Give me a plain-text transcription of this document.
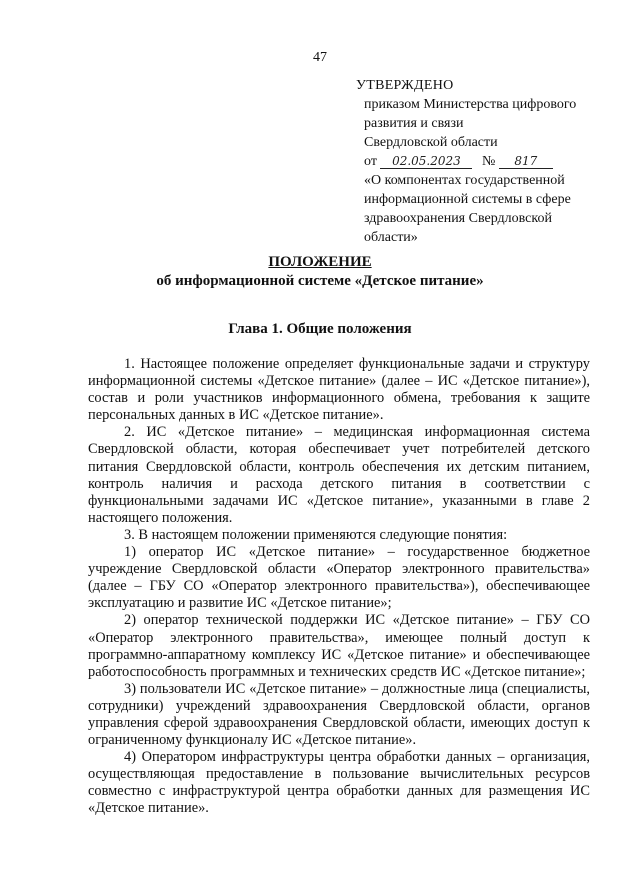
47
УТВЕРЖДЕНО
приказом Министерства цифрового
развития и связи
Свердловской области
от 02.05.2023 № 817
«О компонентах государственной
информационной системы в сфере
здравоохранения Свердловской
области»
ПОЛОЖЕНИЕ
об информационной системе «Детское питание»
Глава 1. Общие положения

1. Настоящее положение определяет функциональные задачи и структуру информационной системы «Детское питание» (далее – ИС «Детское питание»), состав и роли участников информационного обмена, требования к защите персональных данных в ИС «Детское питание».

2. ИС «Детское питание» – медицинская информационная система Свердловской области, которая обеспечивает учет потребителей детского питания Свердловской области, контроль обеспечения их детским питанием, контроль наличия и расхода детского питания в соответствии с функциональными задачами ИС «Детское питание», указанными в главе 2 настоящего положения.

3. В настоящем положении применяются следующие понятия:

1) оператор ИС «Детское питание» – государственное бюджетное учреждение Свердловской области «Оператор электронного правительства» (далее – ГБУ СО «Оператор электронного правительства»), обеспечивающее эксплуатацию и развитие ИС «Детское питание»;

2) оператор технической поддержки ИС «Детское питание» – ГБУ СО «Оператор электронного правительства», имеющее полный доступ к программно-аппаратному комплексу ИС «Детское питание» и обеспечивающее работоспособность программных и технических средств ИС «Детское питание»;

3) пользователи ИС «Детское питание» – должностные лица (специалисты, сотрудники) учреждений здравоохранения Свердловской области, органов управления сферой здравоохранения Свердловской области, имеющих доступ к ограниченному функционалу ИС «Детское питание».

4) Оператором инфраструктуры центра обработки данных – организация, осуществляющая предоставление в пользование вычислительных ресурсов совместно с инфраструктурой центра обработки данных для размещения ИС «Детское питание».
